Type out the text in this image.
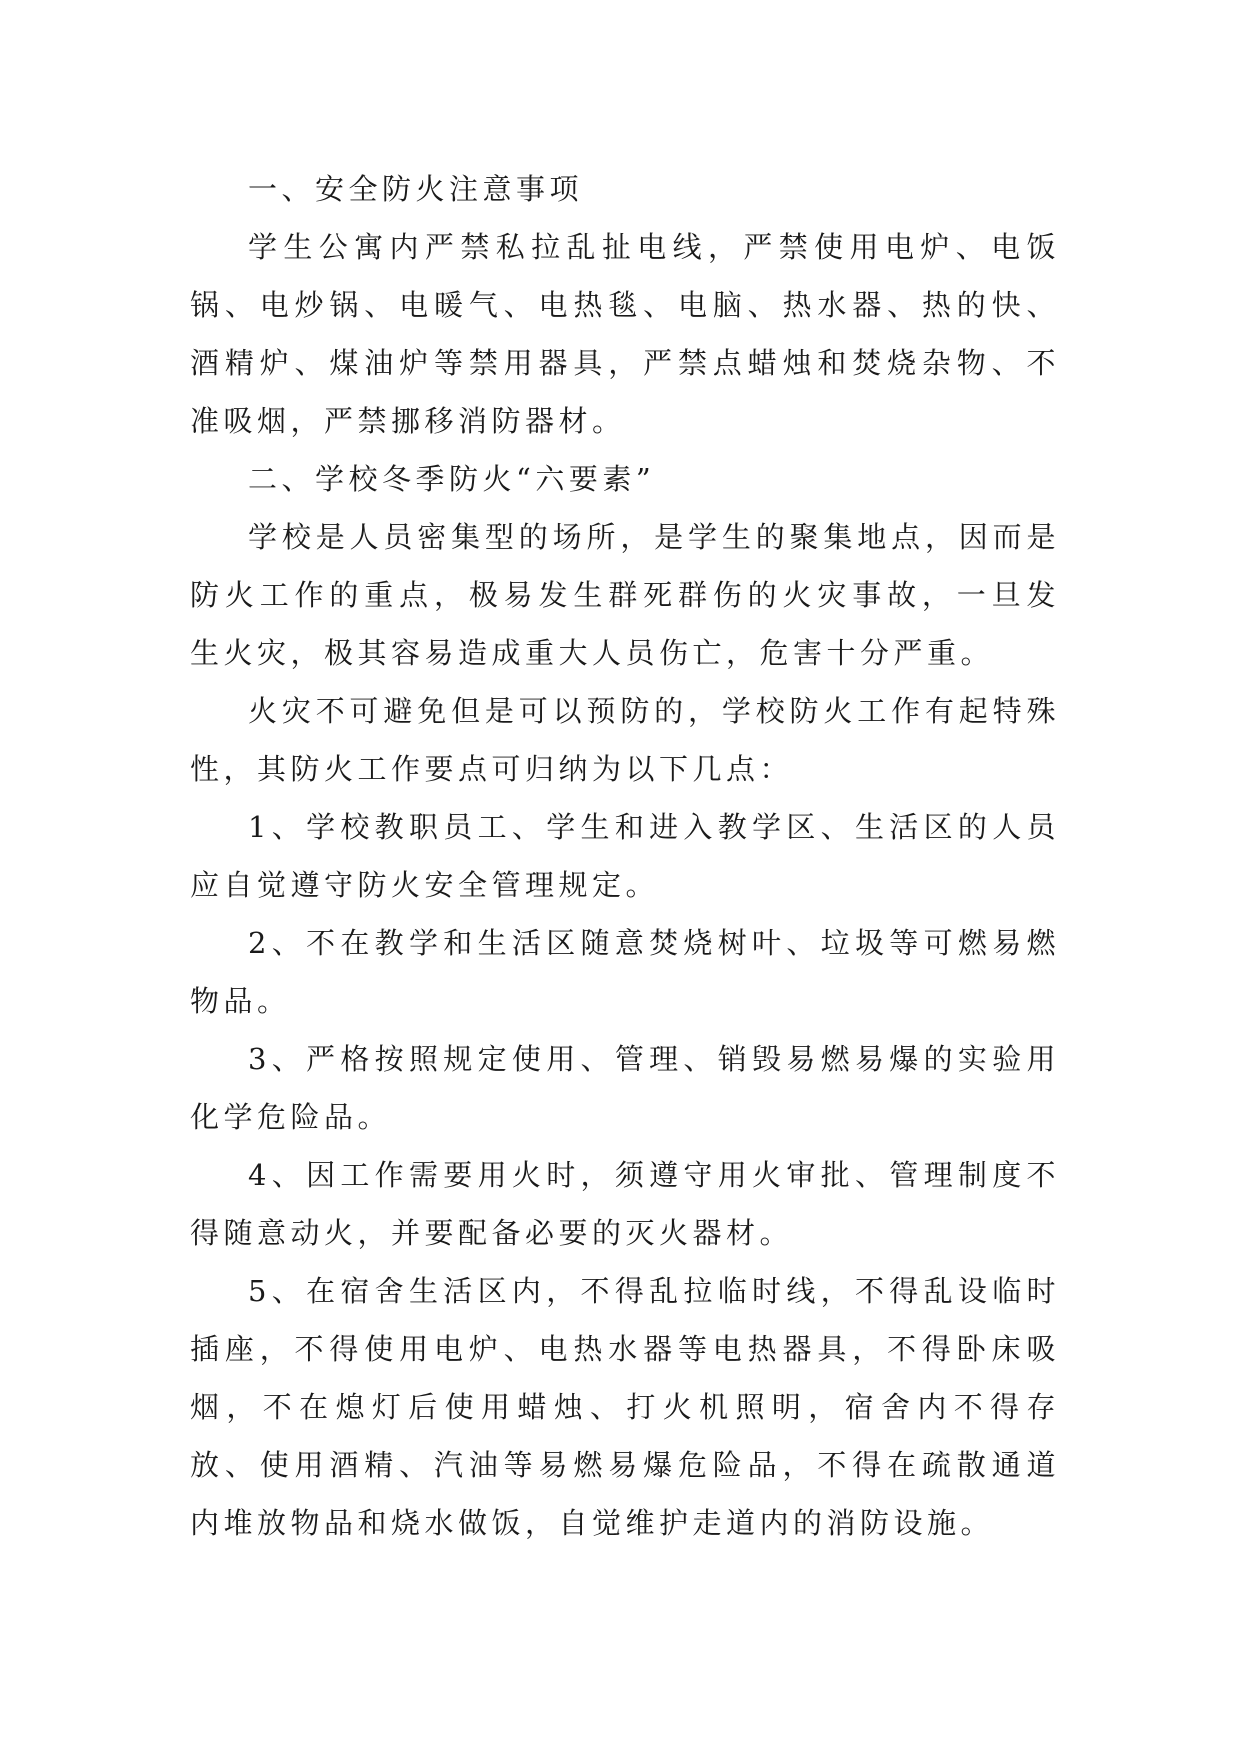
一、安全防火注意事项

学生公寓内严禁私拉乱扯电线，严禁使用电炉、电饭锅、电炒锅、电暖气、电热毯、电脑、热水器、热的快、酒精炉、煤油炉等禁用器具，严禁点蜡烛和焚烧杂物、不准吸烟，严禁挪移消防器材。

二、学校冬季防火“六要素”

学校是人员密集型的场所，是学生的聚集地点，因而是防火工作的重点，极易发生群死群伤的火灾事故，一旦发生火灾，极其容易造成重大人员伤亡，危害十分严重。

火灾不可避免但是可以预防的，学校防火工作有起特殊性，其防火工作要点可归纳为以下几点：

1、学校教职员工、学生和进入教学区、生活区的人员应自觉遵守防火安全管理规定。

2、不在教学和生活区随意焚烧树叶、垃圾等可燃易燃物品。

3、严格按照规定使用、管理、销毁易燃易爆的实验用化学危险品。

4、因工作需要用火时，须遵守用火审批、管理制度不得随意动火，并要配备必要的灭火器材。

5、在宿舍生活区内，不得乱拉临时线，不得乱设临时插座，不得使用电炉、电热水器等电热器具，不得卧床吸烟，不在熄灯后使用蜡烛、打火机照明，宿舍内不得存放、使用酒精、汽油等易燃易爆危险品，不得在疏散通道内堆放物品和烧水做饭，自觉维护走道内的消防设施。
